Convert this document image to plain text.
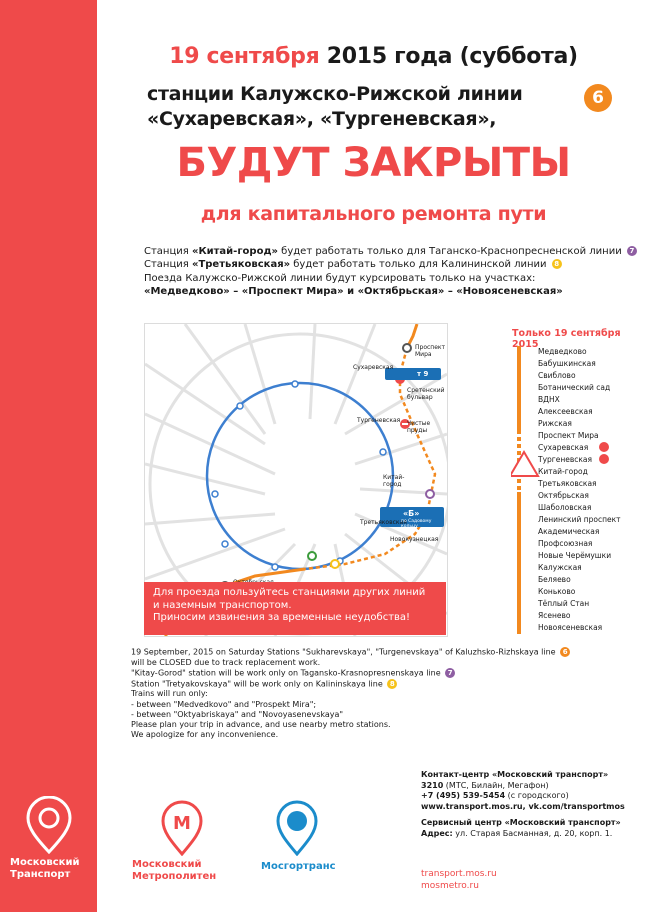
19 сентября 2015 года (суббота)
станции Калужско-Рижской линии
«Сухаревская», «Тургеневская»,
6
БУДУТ ЗАКРЫТЫ
для капитального ремонта пути
Станция «Китай-город» будет работать только для Таганско-Краснопресненской линии 7
Станция «Третьяковская» будет работать только для Калининской линии 8
Поезда Калужско-Рижской линии будут курсировать только на участках:
«Медведково» – «Проспект Мира» и «Октябрьская» – «Новоясеневская»
Проспект Мира
Сухаревская
Сретенский бульвар
Тургеневская Чистые пруды
Китай-город
Третьяковская
Новокузнецкая
т 9
«Б»
по Садовому кольцу
Для проезда пользуйтесь станциями других линий
и наземным транспортом.
Приносим извинения за временные неудобства!
Только 19 сентября 2015
Медведково
Бабушкинская
Свиблово
Ботанический сад
ВДНХ
Алексеевская
Рижская
Проспект Мира
Сухаревская
Тургеневская
Китай-город
Третьяковская
Октябрьская
Шаболовская
Ленинский проспект
Академическая
Профсоюзная
Новые Черёмушки
Калужская
Беляево
Коньково
Тёплый Стан
Ясенево
Новоясеневская
19 September, 2015 on Saturday Stations "Sukharevskaya", "Turgenevskaya" of Kaluzhsko-Rizhskaya line 6
will be CLOSED due to track replacement work.
"Kitay-Gorod" station will be work only on Tagansko-Krasnopresnenskaya line 7
Station "Tretyakovskaya" will be work only on Kalininskaya line 8
Trains will run only:
- between "Medvedkovo" and "Prospekt Mira";
- between "Oktyabriskaya" and "Novoyasenevskaya"
Please plan your trip in advance, and use nearby metro stations.
We apologize for any inconvenience.
Контакт-центр «Московский транспорт»
3210 (МТС, Билайн, Мегафон)
+7 (495) 539-5454 (с городского)
www.transport.mos.ru, vk.com/transportmos
Сервисный центр «Московский транспорт»
Адрес: ул. Старая Басманная, д. 20, корп. 1.
transport.mos.ru
mosmetro.ru
М
Московский
Метрополитен
Мосгортранс
Московский
Транспорт
